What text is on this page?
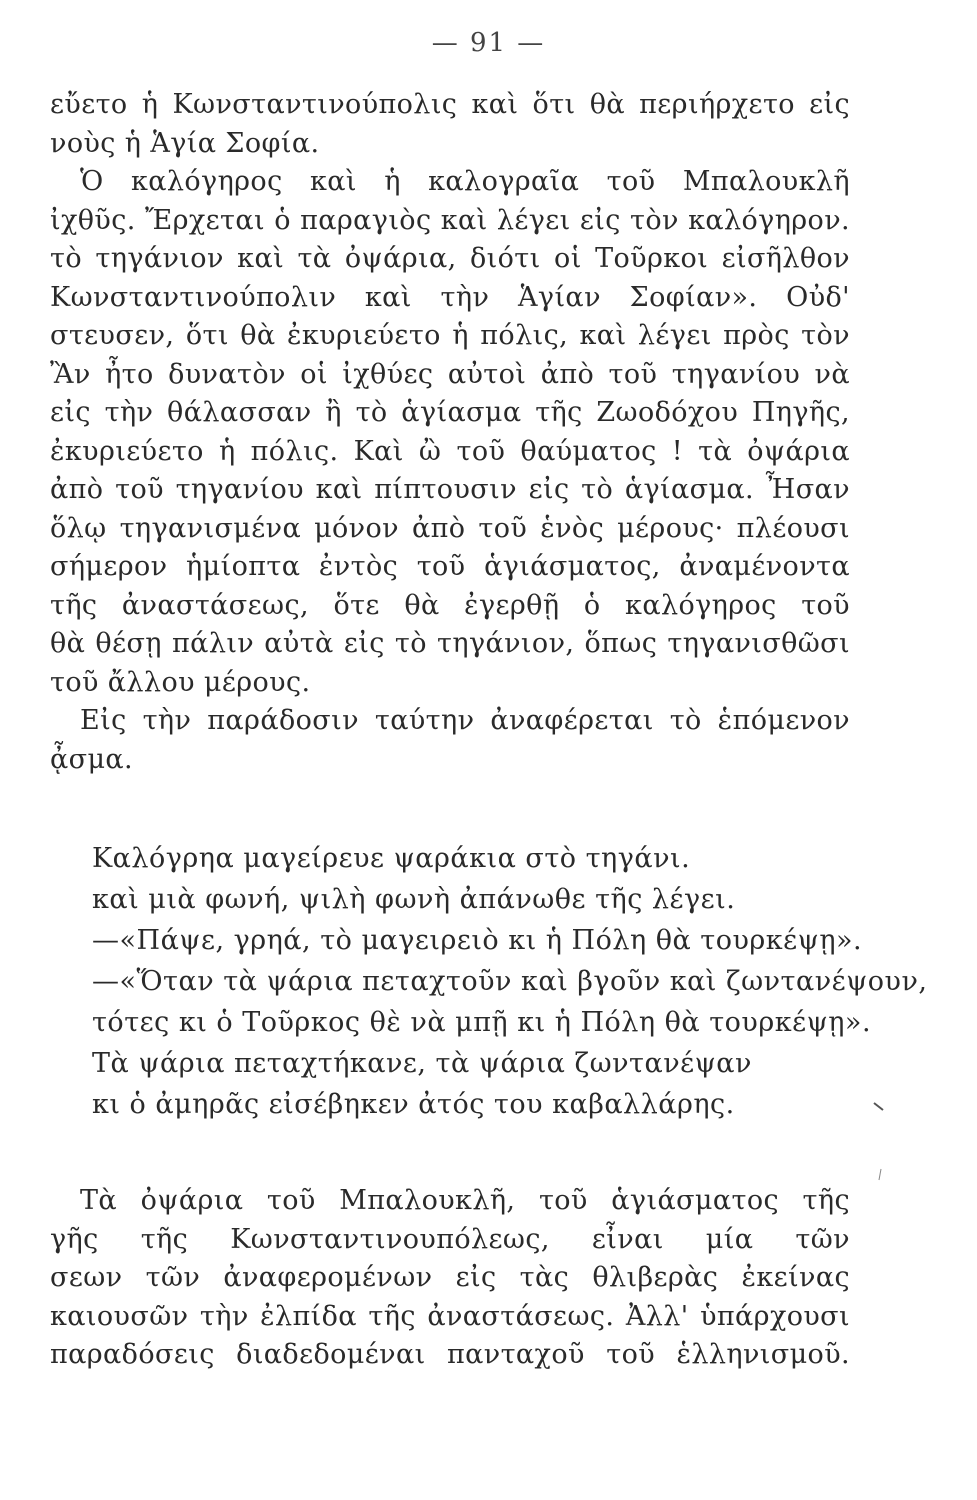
— 91 —
εὔετο ἡ Κωνσταντινούπολις καὶ ὅτι θὰ περιήρχετο εἰς
νοὺς ἡ Ἁγία Σοφία.
Ὁ καλόγηρος καὶ ἡ καλογραῖα τοῦ Μπαλουκλῆ
ἰχθῦς. Ἔρχεται ὁ παραγιὸς καὶ λέγει εἰς τὸν καλόγηρον.
τὸ τηγάνιον καὶ τὰ ὀψάρια, διότι οἱ Τοῦρκοι εἰσῆλθον
Κωνσταντινούπολιν καὶ τὴν Ἁγίαν Σοφίαν». Οὐδ'
στευσεν, ὅτι θὰ ἐκυριεύετο ἡ πόλις, καὶ λέγει πρὸς τὸν
Ἂν ἦτο δυνατὸν οἱ ἰχθύες αὐτοὶ ἀπὸ τοῦ τηγανίου νὰ
εἰς τὴν θάλασσαν ἢ τὸ ἁγίασμα τῆς Ζωοδόχου Πηγῆς,
ἐκυριεύετο ἡ πόλις. Καὶ ὢ τοῦ θαύματος ! τὰ ὀψάρια
ἀπὸ τοῦ τηγανίου καὶ πίπτουσιν εἰς τὸ ἁγίασμα. Ἦσαν
ὅλῳ τηγανισμένα μόνον ἀπὸ τοῦ ἑνὸς μέρους· πλέουσι
σήμερον ἡμίοπτα ἐντὸς τοῦ ἁγιάσματος, ἀναμένοντα
τῆς ἀναστάσεως, ὅτε θὰ ἐγερθῇ ὁ καλόγηρος τοῦ
θὰ θέσῃ πάλιν αὐτὰ εἰς τὸ τηγάνιον, ὅπως τηγανισθῶσι
τοῦ ἄλλου μέρους.
Εἰς τὴν παράδοσιν ταύτην ἀναφέρεται τὸ ἑπόμενον
ᾆσμα.
Καλόγρηα μαγείρευε ψαράκια στὸ τηγάνι.
καὶ μιὰ φωνή, ψιλὴ φωνὴ ἀπάνωθε τῆς λέγει.
—«Πάψε, γρηά, τὸ μαγειρειὸ κι ἡ Πόλη θὰ τουρκέψῃ».
—«Ὅταν τὰ ψάρια πεταχτοῦν καὶ βγοῦν καὶ ζωντανέψουν,
τότες κι ὁ Τοῦρκος θὲ νὰ μπῇ κι ἡ Πόλη θὰ τουρκέψῃ».
Τὰ ψάρια πεταχτήκανε, τὰ ψάρια ζωντανέψαν
κι ὁ ἀμηρᾶς εἰσέβηκεν ἀτός του καβαλλάρης.
Τὰ ὀψάρια τοῦ Μπαλουκλῆ, τοῦ ἁγιάσματος τῆς
γῆς τῆς Κωνσταντινουπόλεως, εἶναι μία τῶν
σεων τῶν ἀναφερομένων εἰς τὰς θλιβερὰς ἐκείνας
καιουσῶν τὴν ἐλπίδα τῆς ἀναστάσεως. Ἀλλ' ὑπάρχουσι
παραδόσεις διαδεδομέναι πανταχοῦ τοῦ ἑλληνισμοῦ.
